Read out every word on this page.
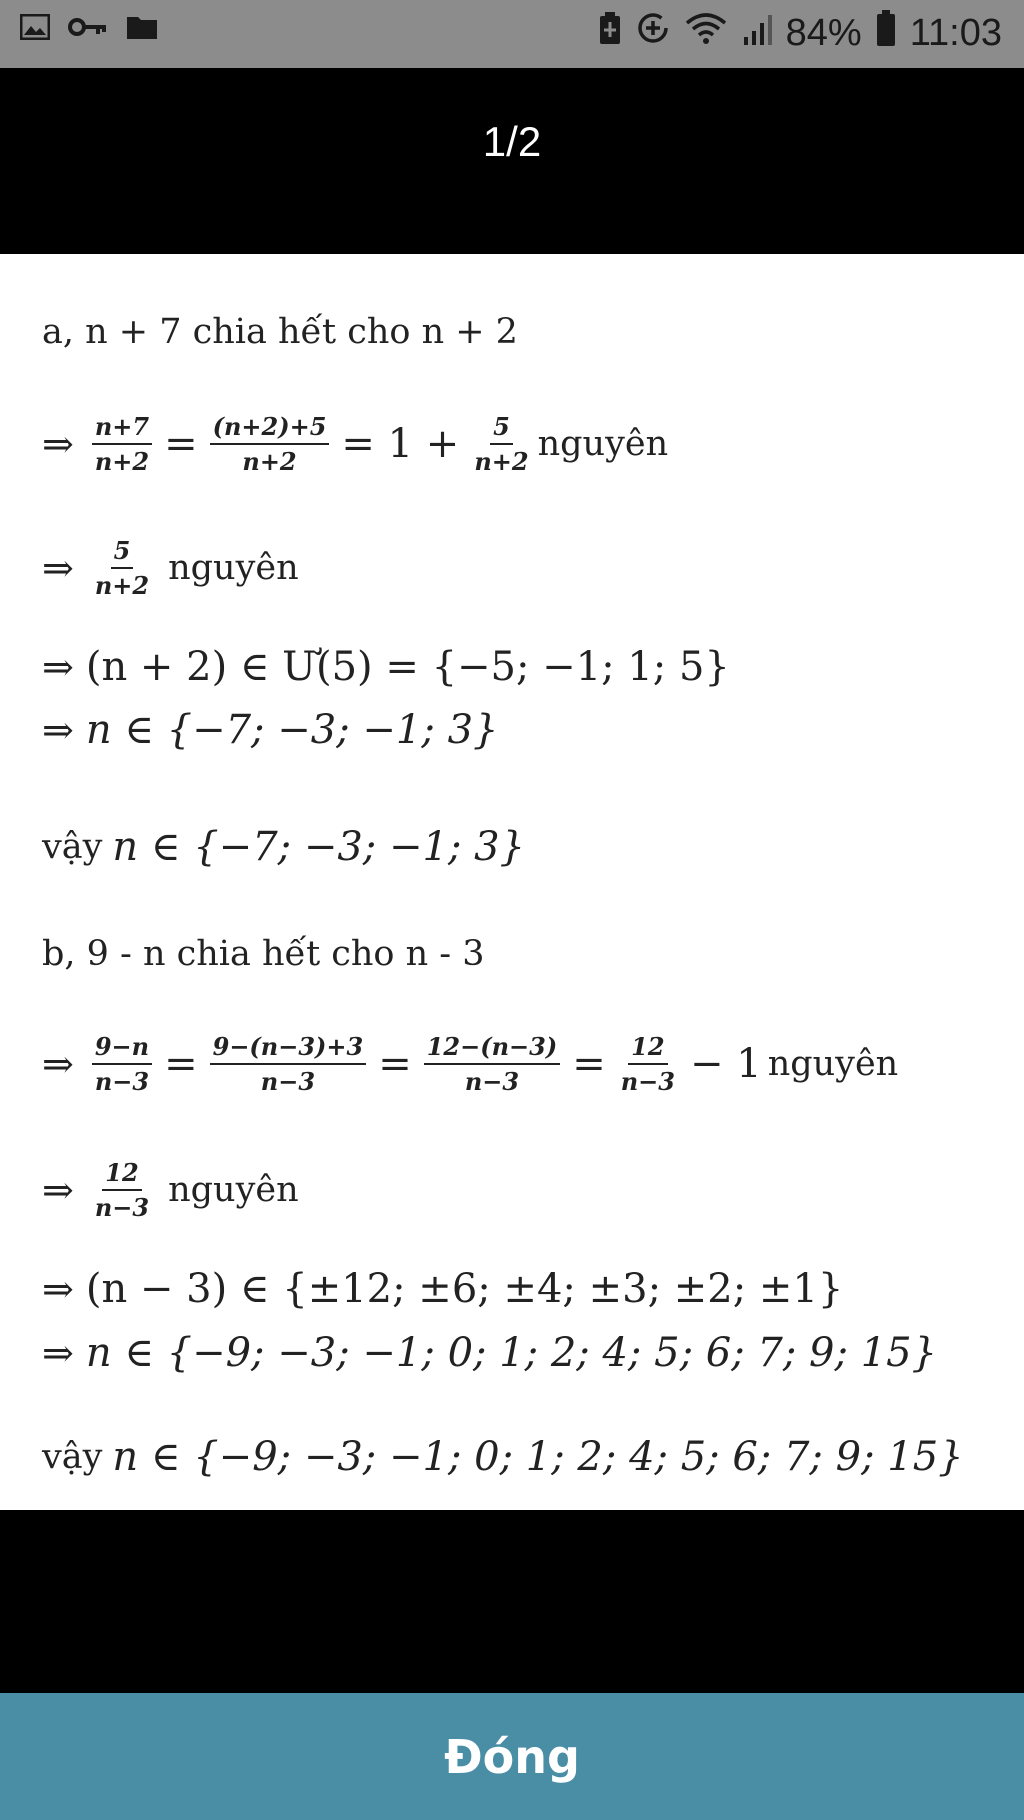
84% 11:03
1/2
a, n + 7 chia hết cho n + 2
⇒ $\frac{n+7}{n+2} = \frac{(n+2)+5}{n+2} = 1 + \frac{5}{n+2}$ nguyên
⇒ $\frac{5}{n+2}$ nguyên
⇒ (n + 2) ∈ Ư(5) = {−5; −1; 1; 5}
⇒ n ∈ {−7; −3; −1; 3}
vậy n ∈ {−7; −3; −1; 3}
b, 9 - n chia hết cho n - 3
⇒ $\frac{9-n}{n-3} = \frac{9-(n-3)+3}{n-3} = \frac{12-(n-3)}{n-3} = \frac{12}{n-3} - 1$ nguyên
⇒ $\frac{12}{n-3}$ nguyên
⇒ (n − 3) ∈ {±12; ±6; ±4; ±3; ±2; ±1}
⇒ n ∈ {−9; −3; −1; 0; 1; 2; 4; 5; 6; 7; 9; 15}
vậy n ∈ {−9; −3; −1; 0; 1; 2; 4; 5; 6; 7; 9; 15}
Đóng
